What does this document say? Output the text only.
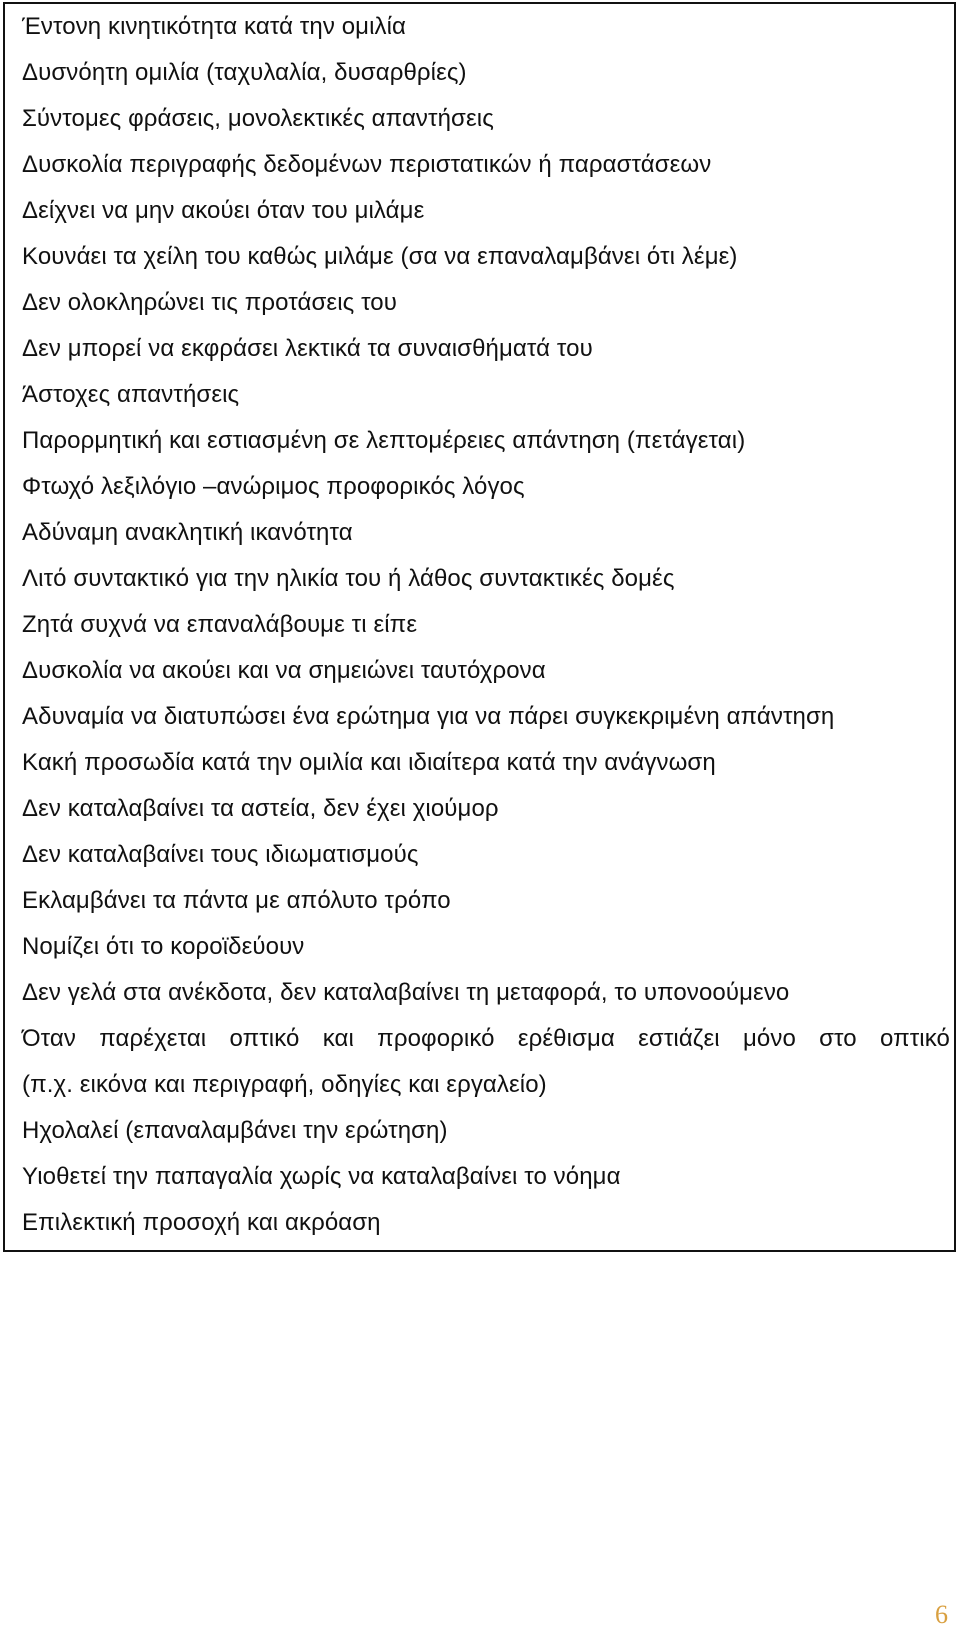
Έντονη κινητικότητα κατά την ομιλία
Δυσνόητη ομιλία (ταχυλαλία, δυσαρθρίες)
Σύντομες φράσεις, μονολεκτικές απαντήσεις
Δυσκολία περιγραφής δεδομένων περιστατικών ή παραστάσεων
Δείχνει να μην ακούει όταν του μιλάμε
Κουνάει τα χείλη του καθώς μιλάμε (σα να επαναλαμβάνει ότι λέμε)
Δεν ολοκληρώνει τις προτάσεις του
Δεν μπορεί να εκφράσει λεκτικά τα συναισθήματά του
Άστοχες απαντήσεις
Παρορμητική και εστιασμένη σε λεπτομέρειες απάντηση (πετάγεται)
Φτωχό λεξιλόγιο –ανώριμος προφορικός λόγος
Αδύναμη ανακλητική ικανότητα
Λιτό συντακτικό για την ηλικία του ή λάθος συντακτικές δομές
Ζητά συχνά να επαναλάβουμε τι είπε
Δυσκολία να ακούει και να σημειώνει ταυτόχρονα
Αδυναμία να διατυπώσει ένα ερώτημα για να πάρει συγκεκριμένη απάντηση
Κακή προσωδία κατά την ομιλία και ιδιαίτερα κατά την ανάγνωση
Δεν καταλαβαίνει τα αστεία, δεν έχει χιούμορ
Δεν καταλαβαίνει τους ιδιωματισμούς
Εκλαμβάνει τα πάντα με απόλυτο τρόπο
Νομίζει ότι το κοροϊδεύουν
Δεν γελά στα ανέκδοτα, δεν καταλαβαίνει τη μεταφορά, το υπονοούμενο
Όταν παρέχεται οπτικό και προφορικό ερέθισμα εστιάζει μόνο στο οπτικό
(π.χ. εικόνα και περιγραφή, οδηγίες και εργαλείο)
Ηχολαλεί (επαναλαμβάνει την ερώτηση)
Υιοθετεί την παπαγαλία χωρίς να καταλαβαίνει το νόημα
Επιλεκτική προσοχή και ακρόαση
6
